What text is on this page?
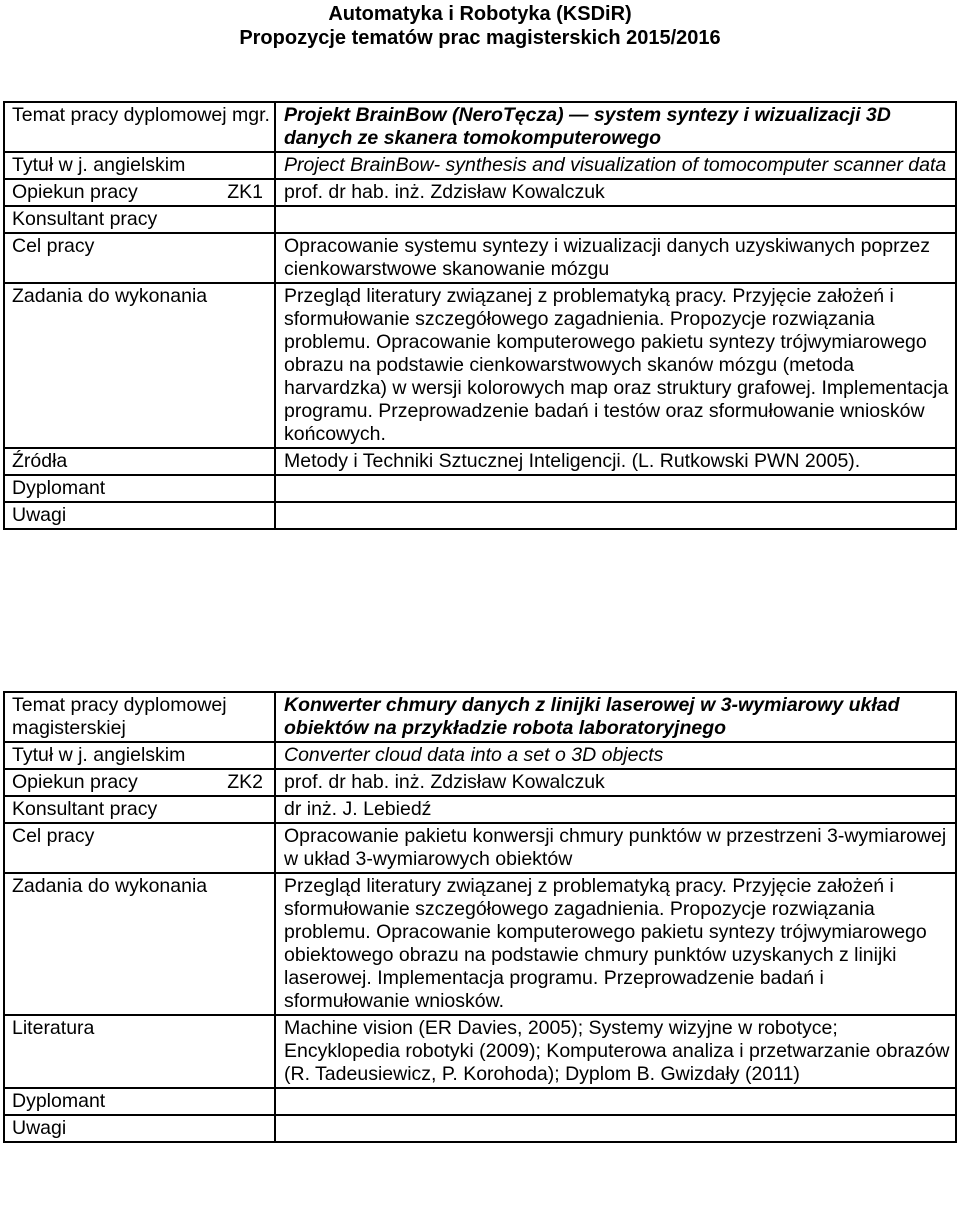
Automatyka i Robotyka (KSDiR)
Propozycje tematów prac magisterskich 2015/2016
Temat pracy dyplomowej mgr.	Projekt BrainBow (NeroTęcza) — system syntezy i wizualizacji 3D danych ze skanera tomokomputerowego
Tytuł w j. angielskim	Project BrainBow- synthesis and visualization of tomocomputer scanner data

Opiekun pracy ZK1	prof. dr hab. inż. Zdzisław Kowalczuk
Konsultant pracy	
Cel pracy	Opracowanie systemu syntezy i wizualizacji danych uzyskiwanych poprzez cienkowarstwowe skanowanie mózgu
Zadania do wykonania	Przegląd literatury związanej z problematyką pracy. Przyjęcie założeń i sformułowanie szczegółowego zagadnienia. Propozycje rozwiązania problemu. Opracowanie komputerowego pakietu syntezy trójwymiarowego obrazu na podstawie cienkowarstwowych skanów mózgu (metoda harvardzka) w wersji kolorowych map oraz struktury grafowej. Implementacja programu. Przeprowadzenie badań i testów oraz sformułowanie wniosków końcowych.
Źródła	Metody i Techniki Sztucznej Inteligencji. (L. Rutkowski PWN 2005).
Dyplomant	
Uwagi	
Temat pracy dyplomowej magisterskiej	Konwerter chmury danych z linijki laserowej w 3-wymiarowy układ obiektów na przykładzie robota laboratoryjnego
Tytuł w j. angielskim	Converter cloud data into a set o 3D objects

Opiekun pracy ZK2	prof. dr hab. inż. Zdzisław Kowalczuk
Konsultant pracy	dr inż. J. Lebiedź
Cel pracy	Opracowanie pakietu konwersji chmury punktów w przestrzeni 3-wymiarowej w układ 3-wymiarowych obiektów
Zadania do wykonania	Przegląd literatury związanej z problematyką pracy. Przyjęcie założeń i sformułowanie szczegółowego zagadnienia. Propozycje rozwiązania problemu. Opracowanie komputerowego pakietu syntezy trójwymiarowego obiektowego obrazu na podstawie chmury punktów uzyskanych z linijki laserowej. Implementacja programu. Przeprowadzenie badań i sformułowanie wniosków.
Literatura	Machine vision (ER Davies, 2005); Systemy wizyjne w robotyce; Encyklopedia robotyki (2009); Komputerowa analiza i przetwarzanie obrazów (R. Tadeusiewicz, P. Korohoda); Dyplom B. Gwizdały (2011)
Dyplomant	
Uwagi	
